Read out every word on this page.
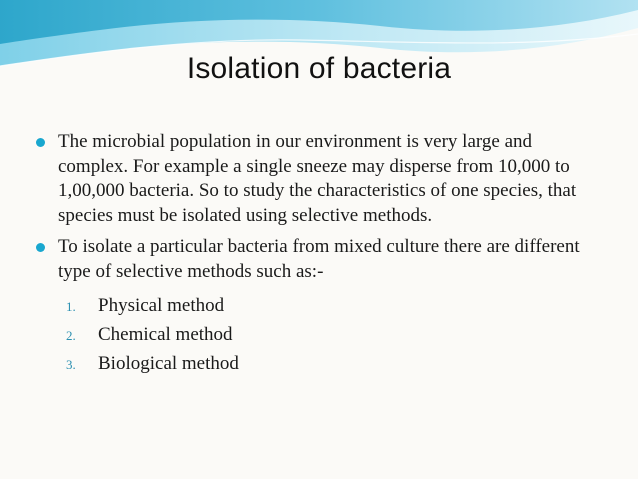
Isolation of bacteria
The microbial population in our environment is very large and complex. For example a single sneeze may disperse from 10,000 to 1,00,000 bacteria. So to study the characteristics of one species, that species must be isolated using selective methods.
To isolate a particular bacteria from mixed culture there are different type of selective methods such as:-
1. Physical method
2. Chemical method
3. Biological method
